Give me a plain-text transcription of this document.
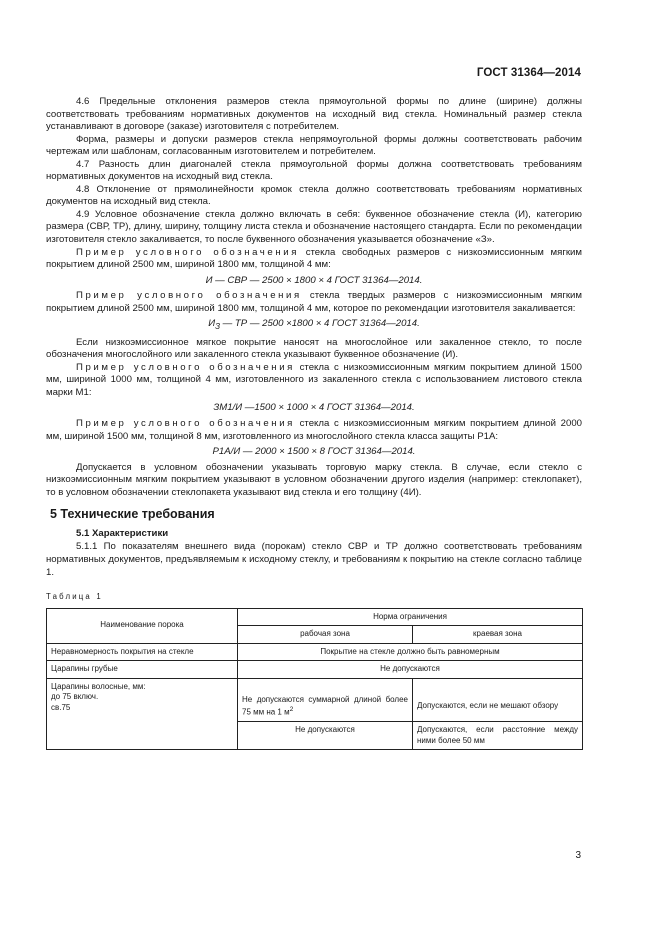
ГОСТ 31364—2014

4.6 Предельные отклонения размеров стекла прямоугольной формы по длине (ширине) должны соответствовать требованиям нормативных документов на исходный вид стекла. Номинальный размер стекла устанавливают в договоре (заказе) изготовителя с потребителем.

Форма, размеры и допуски размеров стекла непрямоугольной формы должны соответствовать рабочим чертежам или шаблонам, согласованным изготовителем и потребителем.

4.7 Разность длин диагоналей стекла прямоугольной формы должна соответствовать требованиям нормативных документов на исходный вид стекла.

4.8 Отклонение от прямолинейности кромок стекла должно соответствовать требованиям нормативных документов на исходный вид стекла.

4.9 Условное обозначение стекла должно включать в себя: буквенное обозначение стекла (И), категорию размера (СВР, ТР), длину, ширину, толщину листа стекла и обозначение настоящего стандарта. Если по рекомендации изготовителя стекло закаливается, то после буквенного обозначения указывается обозначение «З».

Пример условного обозначения стекла свободных размеров с низкоэмиссионным мягким покрытием длиной 2500 мм, шириной 1800 мм, толщиной 4 мм:

И — СВР — 2500 × 1800 × 4 ГОСТ 31364—2014.

Пример условного обозначения стекла твердых размеров с низкоэмиссионным мягким покрытием длиной 2500 мм, шириной 1800 мм, толщиной 4 мм, которое по рекомендации изготовителя закаливается:

$И_З$ — ТР — 2500 ×1800 × 4 ГОСТ 31364—2014.

Если низкоэмиссионное мягкое покрытие наносят на многослойное или закаленное стекло, то после обозначения многослойного или закаленного стекла указывают буквенное обозначение (И).

Пример условного обозначения стекла с низкоэмиссионным мягким покрытием длиной 1500 мм, шириной 1000 мм, толщиной 4 мм, изготовленного из закаленного стекла с использованием листового стекла марки М1:

ЗМ1/И —1500 × 1000 × 4 ГОСТ 31364—2014.

Пример условного обозначения стекла с низкоэмиссионным мягким покрытием длиной 2000 мм, шириной 1500 мм, толщиной 8 мм, изготовленного из многослойного стекла класса защиты Р1А:

Р1А/И — 2000 × 1500 × 8 ГОСТ 31364—2014.

Допускается в условном обозначении указывать торговую марку стекла. В случае, если стекло с низкоэмиссионным мягким покрытием указывают в условном обозначении другого изделия (например: стеклопакет), то в условном обозначении стеклопакета указывают вид стекла и его толщину (4И).

5 Технические требования

5.1 Характеристики

5.1.1 По показателям внешнего вида (порокам) стекло СВР и ТР должно соответствовать требованиям нормативных документов, предъявляемым к исходному стеклу, и требованиям к покрытию на стекле согласно таблице 1.

Таблица 1

Наименование порока	Норма ограничения	
	рабочая зона	краевая зона
Неравномерность покрытия на стекле	Покрытие на стекле должно быть равномерным	
Царапины грубые	Не допускаются	

Царапины волосные, мм:
до 75 включ.
св.75	Не допускаются суммарной длиной более 75 мм на 1 $м^2$	Допускаются, если не мешают обзору
	Не допускаются	Допускаются, если расстояние между ними более 50 мм
3
